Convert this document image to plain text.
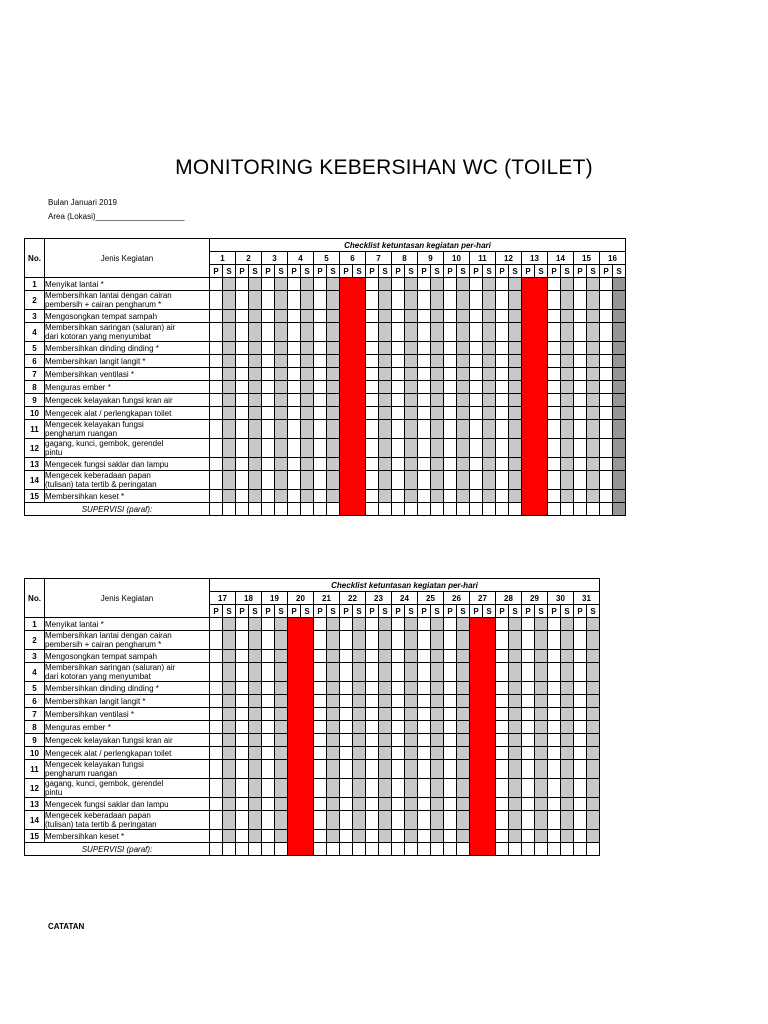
MONITORING KEBERSIHAN WC (TOILET)
Bulan Januari 2019
Area (Lokasi)____________________
No.	Jenis Kegiatan	Checklist ketuntasan kegiatan per-hari																															
		1		2		3		4		5		6		7		8		9		10		11		12		13		14		15		16	
		P	S	P	S	P	S	P	S	P	S	P	S	P	S	P	S	P	S	P	S	P	S	P	S	P	S	P	S	P	S	P	S
1	Menyikat lantai *																																
2	Membersihkan lantai dengan cairan
pembersih + cairan pengharum *																																
3	Mengosongkan tempat sampah																																
4	Membersihkan saringan (saluran) air
dari kotoran yang menyumbat																																
5	Membersihkan dinding dinding *																																
6	Membersihkan langit langit *																																
7	Membersihkan ventilasi *																																
8	Menguras ember *																																
9	Mengecek kelayakan fungsi kran air																																
10	Mengecek alat / perlengkapan toilet																																
11	Mengecek kelayakan fungsi
pengharum ruangan																																
12	gagang, kunci, gembok, gerendel
pintu																																
13	Mengecek fungsi saklar dan lampu																																
14	Mengecek keberadaan papan
(tulisan) tata tertib & peringatan																																
15	Membersihkan keset *																																
SUPERVISI (paraf):																																	
No.	Jenis Kegiatan	Checklist ketuntasan kegiatan per-hari																													
		17		18		19		20		21		22		23		24		25		26		27		28		29		30		31	
		P	S	P	S	P	S	P	S	P	S	P	S	P	S	P	S	P	S	P	S	P	S	P	S	P	S	P	S	P	S
1	Menyikat lantai *																														
2	Membersihkan lantai dengan cairan
pembersih + cairan pengharum *																														
3	Mengosongkan tempat sampah																														
4	Membersihkan saringan (saluran) air
dari kotoran yang menyumbat																														
5	Membersihkan dinding dinding *																														
6	Membersihkan langit langit *																														
7	Membersihkan ventilasi *																														
8	Menguras ember *																														
9	Mengecek kelayakan fungsi kran air																														
10	Mengecek alat / perlengkapan toilet																														
11	Mengecek kelayakan fungsi
pengharum ruangan																														
12	gagang, kunci, gembok, gerendel
pintu																														
13	Mengecek fungsi saklar dan lampu																														
14	Mengecek keberadaan papan
(tulisan) tata tertib & peringatan																														
15	Membersihkan keset *																														
SUPERVISI (paraf):																															
CATATAN
